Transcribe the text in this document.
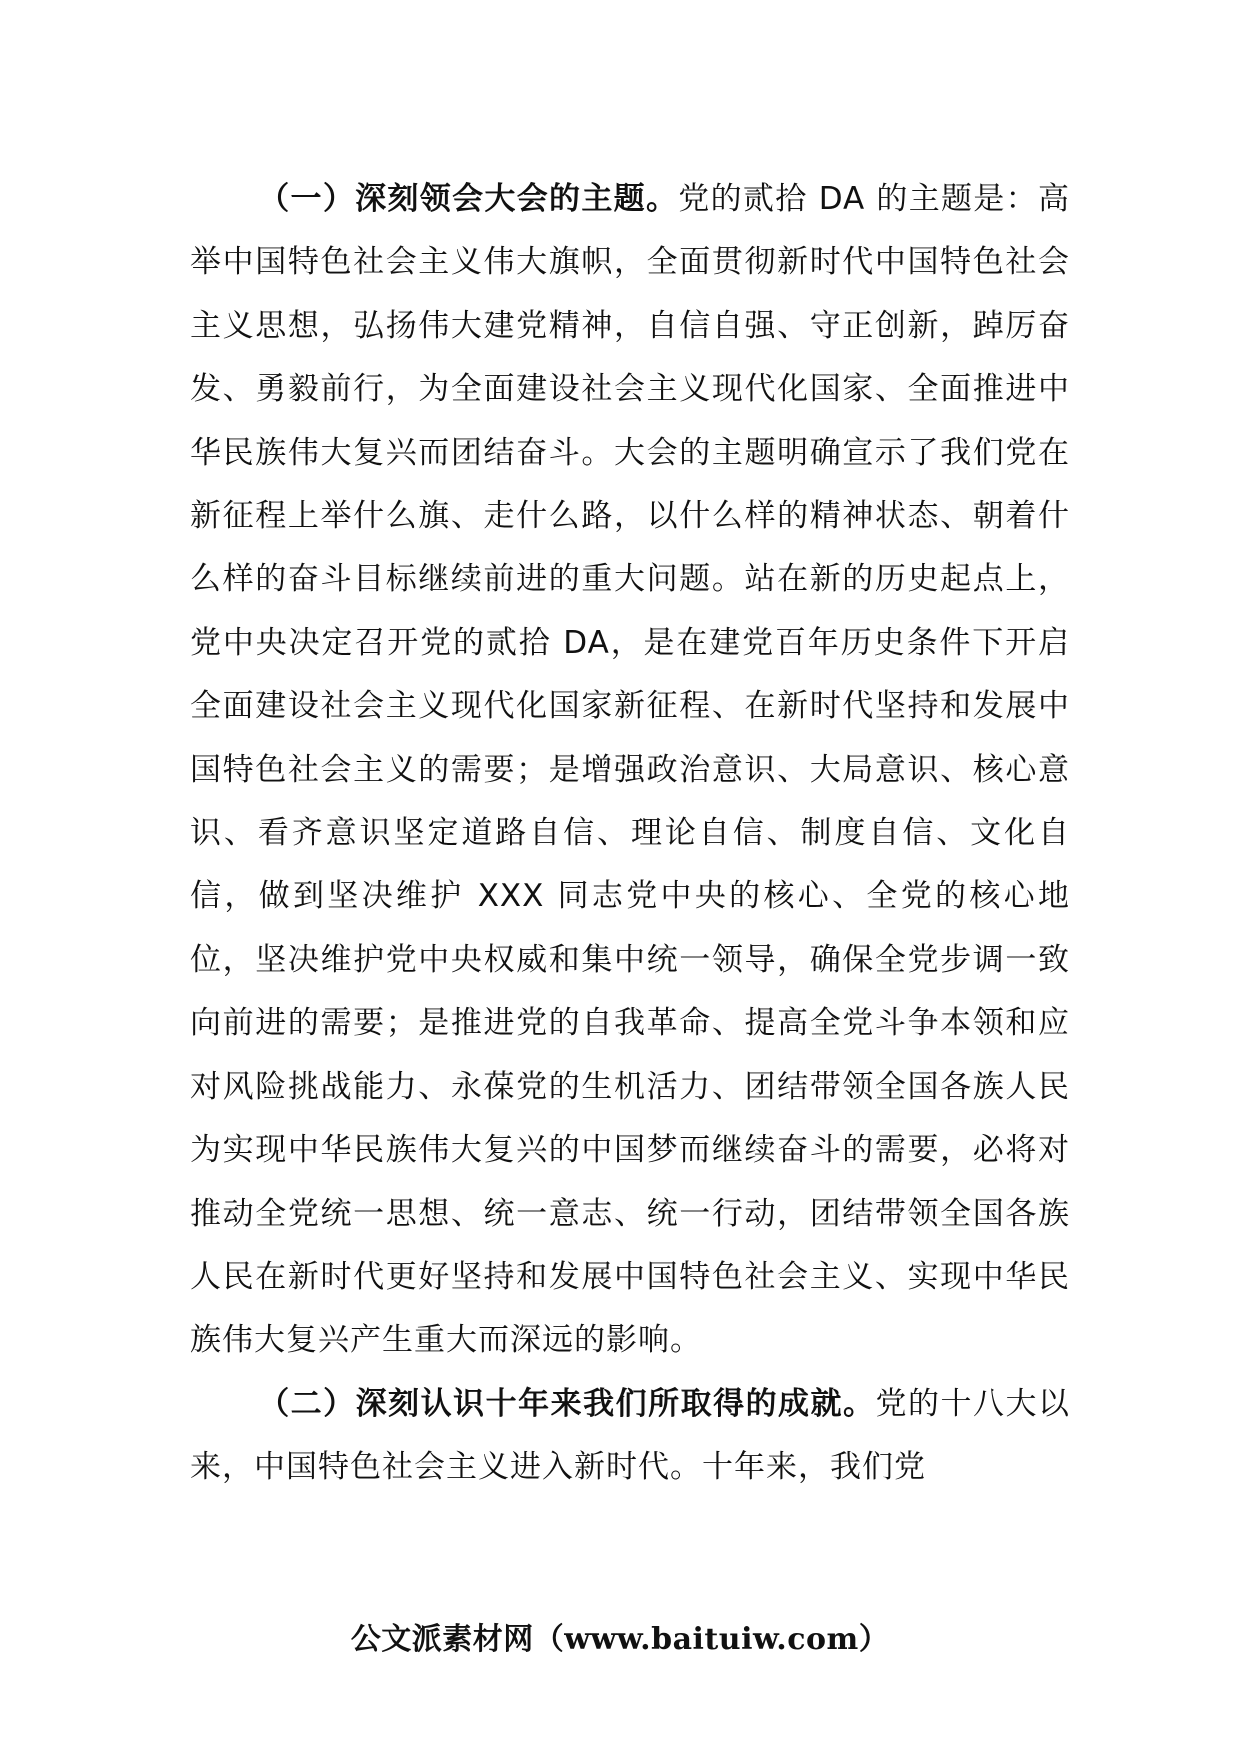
（一）深刻领会大会的主题。党的贰拾 DA 的主题是：高举中国特色社会主义伟大旗帜，全面贯彻新时代中国特色社会主义思想，弘扬伟大建党精神，自信自强、守正创新，踔厉奋发、勇毅前行，为全面建设社会主义现代化国家、全面推进中华民族伟大复兴而团结奋斗。大会的主题明确宣示了我们党在新征程上举什么旗、走什么路，以什么样的精神状态、朝着什么样的奋斗目标继续前进的重大问题。站在新的历史起点上，党中央决定召开党的贰拾 DA，是在建党百年历史条件下开启全面建设社会主义现代化国家新征程、在新时代坚持和发展中国特色社会主义的需要；是增强政治意识、大局意识、核心意识、看齐意识坚定道路自信、理论自信、制度自信、文化自信，做到坚决维护 XXX 同志党中央的核心、全党的核心地位，坚决维护党中央权威和集中统一领导，确保全党步调一致向前进的需要；是推进党的自我革命、提高全党斗争本领和应对风险挑战能力、永葆党的生机活力、团结带领全国各族人民为实现中华民族伟大复兴的中国梦而继续奋斗的需要，必将对推动全党统一思想、统一意志、统一行动，团结带领全国各族人民在新时代更好坚持和发展中国特色社会主义、实现中华民族伟大复兴产生重大而深远的影响。

（二）深刻认识十年来我们所取得的成就。党的十八大以来，中国特色社会主义进入新时代。十年来，我们党

公文派素材网（www.baituiw.com）
